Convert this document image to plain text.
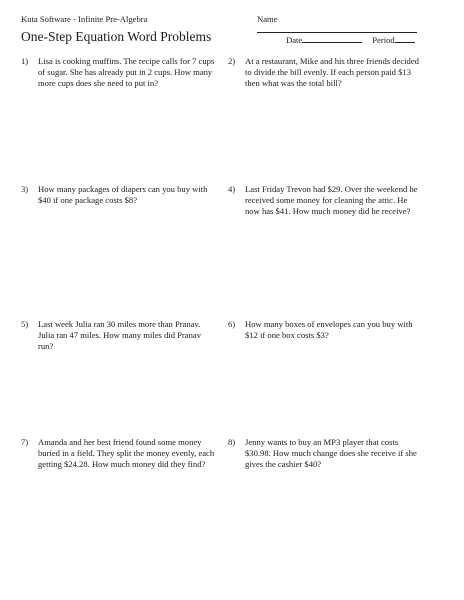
Kuta Software - Infinite Pre-Algebra	Name
One-Step Equation Word Problems	Date	Period
1) Lisa is cooking muffins. The recipe calls for 7 cups of sugar. She has already put in 2 cups. How many more cups does she need to put in?
2) At a restaurant, Mike and his three friends decided to divide the bill evenly. If each person paid $13 then what was the total bill?
3) How many packages of diapers can you buy with $40 if one package costs $8?
4) Last Friday Trevon had $29. Over the weekend he received some money for cleaning the attic. He now has $41. How much money did he receive?
5) Last week Julia ran 30 miles more than Pranav. Julia ran 47 miles. How many miles did Pranav run?
6) How many boxes of envelopes can you buy with $12 if one box costs $3?
7) Amanda and her best friend found some money buried in a field. They split the money evenly, each getting $24.28. How much money did they find?
8) Jenny wants to buy an MP3 player that costs $30.98. How much change does she receive if she gives the cashier $40?
